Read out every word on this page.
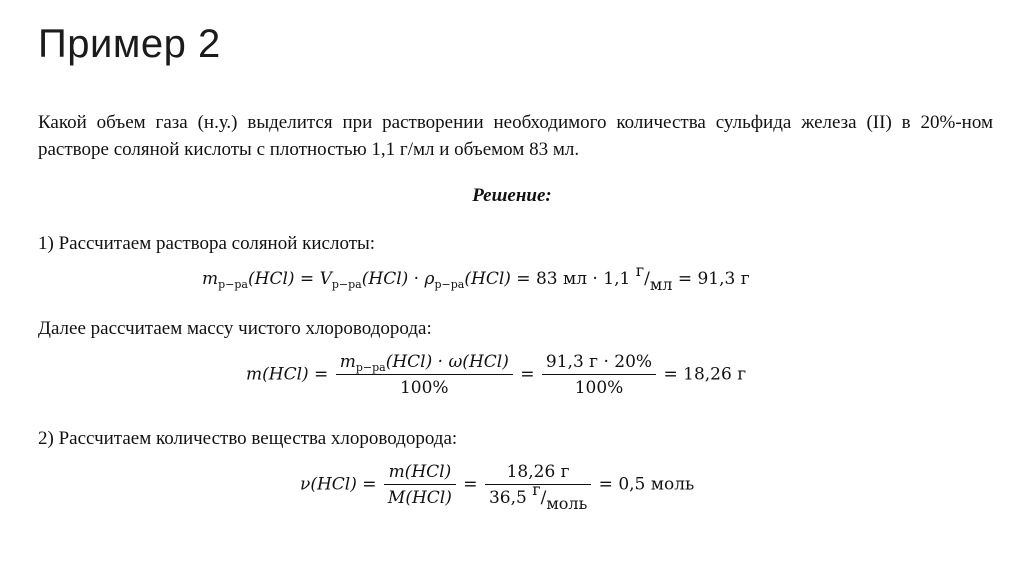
Пример 2
Какой объем газа (н.у.) выделится при растворении необходимого количества сульфида железа (II) в 20%-ном растворе соляной кислоты с плотностью 1,1 г/мл и объемом 83 мл.
Решение:
1) Рассчитаем раствора соляной кислоты:
$m_{р-ра}(HCl) = V_{р-ра}(HCl) \cdot \rho_{р-ра}(HCl) = 83$ мл · 1,1 г/мл = 91,3 г
Далее рассчитаем массу чистого хлороводорода:
$m(HCl) = \frac{m_{р-ра}(HCl) \cdot \omega(HCl)}{100\%} = \frac{91,3 г \cdot 20\%}{100\%} = 18,26$ г
2) Рассчитаем количество вещества хлороводорода:
$\nu(HCl) = \frac{\text{m(HCl)}}{\text{M(HCl)}} = \frac{18,26 г}{\text{36,5 г/моль}} = 0,5$ моль
